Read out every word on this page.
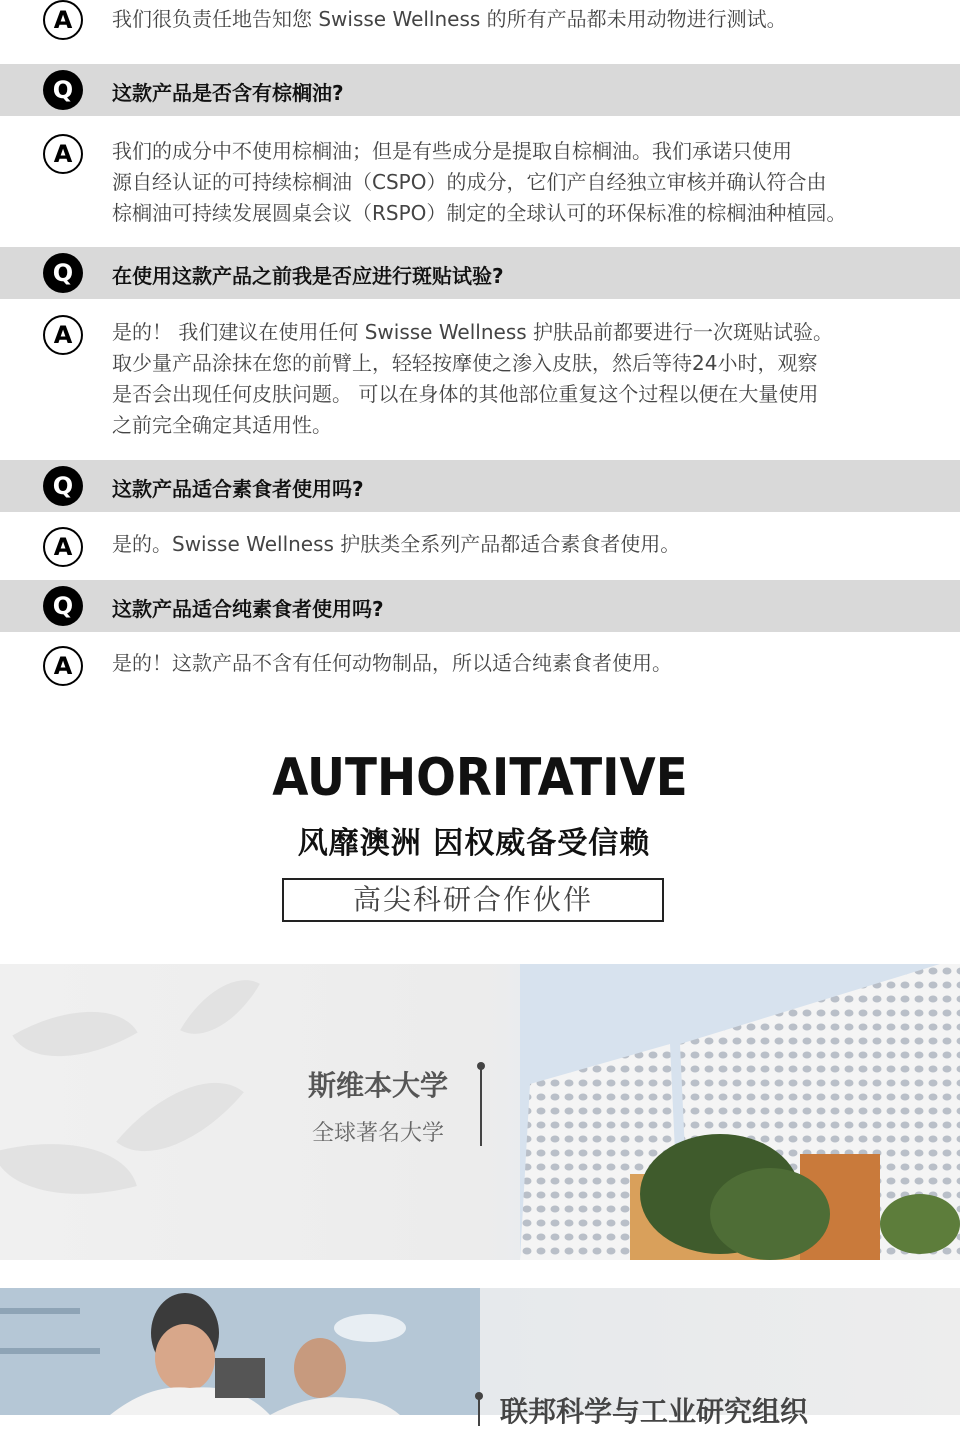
A	我们很负责任地告知您 Swisse Wellness 的所有产品都未用动物进行测试。
Q	这款产品是否含有棕榈油?
A	我们的成分中不使用棕榈油；但是有些成分是提取自棕榈油。我们承诺只使用
源自经认证的可持续棕榈油（CSPO）的成分，它们产自经独立审核并确认符合由
棕榈油可持续发展圆桌会议（RSPO）制定的全球认可的环保标准的棕榈油种植园。
Q	在使用这款产品之前我是否应进行斑贴试验?
A	是的！ 我们建议在使用任何 Swisse Wellness 护肤品前都要进行一次斑贴试验。
取少量产品涂抹在您的前臂上，轻轻按摩使之渗入皮肤，然后等待24小时，观察
是否会出现任何皮肤问题。 可以在身体的其他部位重复这个过程以便在大量使用
之前完全确定其适用性。
Q	这款产品适合素食者使用吗?
A	是的。Swisse Wellness 护肤类全系列产品都适合素食者使用。
Q	这款产品适合纯素食者使用吗?
A	是的！这款产品不含有任何动物制品，所以适合纯素食者使用。
AUTHORITATIVE
风靡澳洲 因权威备受信赖
高尖科研合作伙伴
斯维本大学
全球著名大学
联邦科学与工业研究组织
